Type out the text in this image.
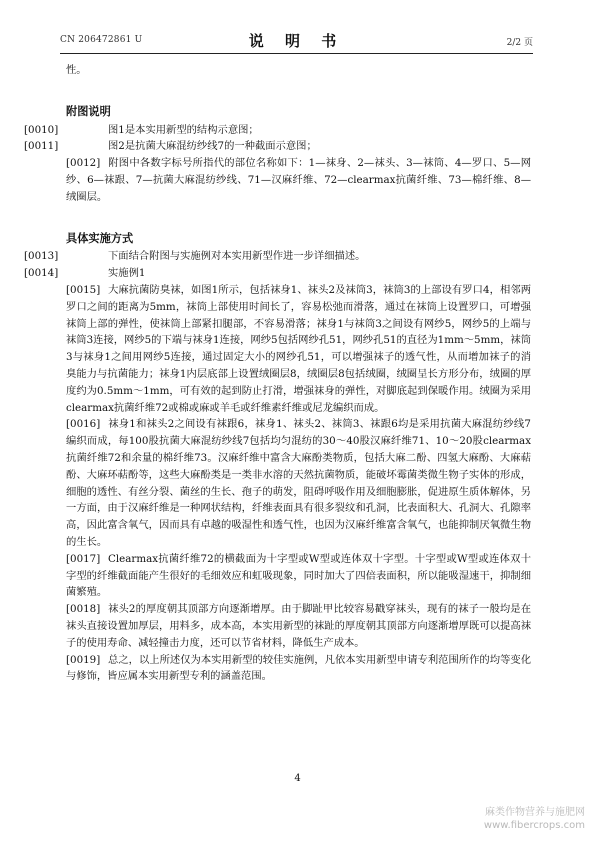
CN 206472861 U	说 明 书	2/2 页

性。

附图说明

[0010]	图1是本实用新型的结构示意图；

[0011]	图2是抗菌大麻混纺纱线7的一种截面示意图；

[0012] 附图中各数字标号所指代的部位名称如下：1—袜身、2—袜头、3—袜筒、4—罗口、5—网纱、6—袜跟、7—抗菌大麻混纺纱线、71—汉麻纤维、72—clearmax抗菌纤维、73—棉纤维、8—绒圈层。

具体实施方式

[0013]	下面结合附图与实施例对本实用新型作进一步详细描述。

[0014]	实施例1

[0015] 大麻抗菌防臭袜，如图1所示，包括袜身1、袜头2及袜筒3，袜筒3的上部设有罗口4，相邻两罗口之间的距离为5mm，袜筒上部使用时间长了，容易松弛而滑落，通过在袜筒上设置罗口，可增强袜筒上部的弹性，使袜筒上部紧扣腿部，不容易滑落；袜身1与袜筒3之间设有网纱5，网纱5的上端与袜筒3连接，网纱5的下端与袜身1连接，网纱5包括网纱孔51，网纱孔51的直径为1mm～5mm，袜筒3与袜身1之间用网纱5连接，通过固定大小的网纱孔51，可以增强袜子的透气性，从而增加袜子的消臭能力与抗菌能力；袜身1内层底部上设置绒圈层8，绒圈层8包括绒圈，绒圈呈长方形分布，绒圈的厚度约为0.5mm～1mm，可有效的起到防止打滑，增强袜身的弹性，对脚底起到保暖作用。绒圈为采用clearmax抗菌纤维72或棉或麻或羊毛或纤维素纤维或尼龙编织而成。

[0016] 袜身1和袜头2之间设有袜跟6，袜身1、袜头2、袜筒3、袜跟6均是采用抗菌大麻混纺纱线7编织而成，每100股抗菌大麻混纺纱线7包括均匀混纺的30～40股汉麻纤维71、10～20股clearmax抗菌纤维72和余量的棉纤维73。汉麻纤维中富含大麻酚类物质，包括大麻二酚、四氢大麻酚、大麻萜酚、大麻环萜酚等，这些大麻酚类是一类非水溶的天然抗菌物质，能破坏霉菌类微生物子实体的形成，细胞的透性、有丝分裂、菌丝的生长、孢子的萌发，阻碍呼吸作用及细胞膨胀，促进原生质体解体，另一方面，由于汉麻纤维是一种网状结构，纤维表面具有很多裂纹和孔洞，比表面积大、孔洞大、孔隙率高，因此富含氧气，因而具有卓越的吸湿性和透气性，也因为汉麻纤维富含氧气，也能抑制厌氧微生物的生长。

[0017] Clearmax抗菌纤维72的横截面为十字型或W型或连体双十字型。十字型或W型或连体双十字型的纤维截面能产生很好的毛细效应和虹吸现象，同时加大了四倍表面积，所以能吸湿速干，抑制细菌繁殖。

[0018] 袜头2的厚度朝其顶部方向逐渐增厚。由于脚趾甲比较容易戳穿袜头，现有的袜子一般均是在袜头直接设置加厚层，用料多，成本高，本实用新型的袜趾的厚度朝其顶部方向逐渐增厚既可以提高袜子的使用寿命、减轻撞击力度，还可以节省材料，降低生产成本。

[0019] 总之，以上所述仅为本实用新型的较佳实施例，凡依本实用新型申请专利范围所作的均等变化与修饰，皆应属本实用新型专利的涵盖范围。

4
麻类作物营养与施肥网
www.fibercrops.com
